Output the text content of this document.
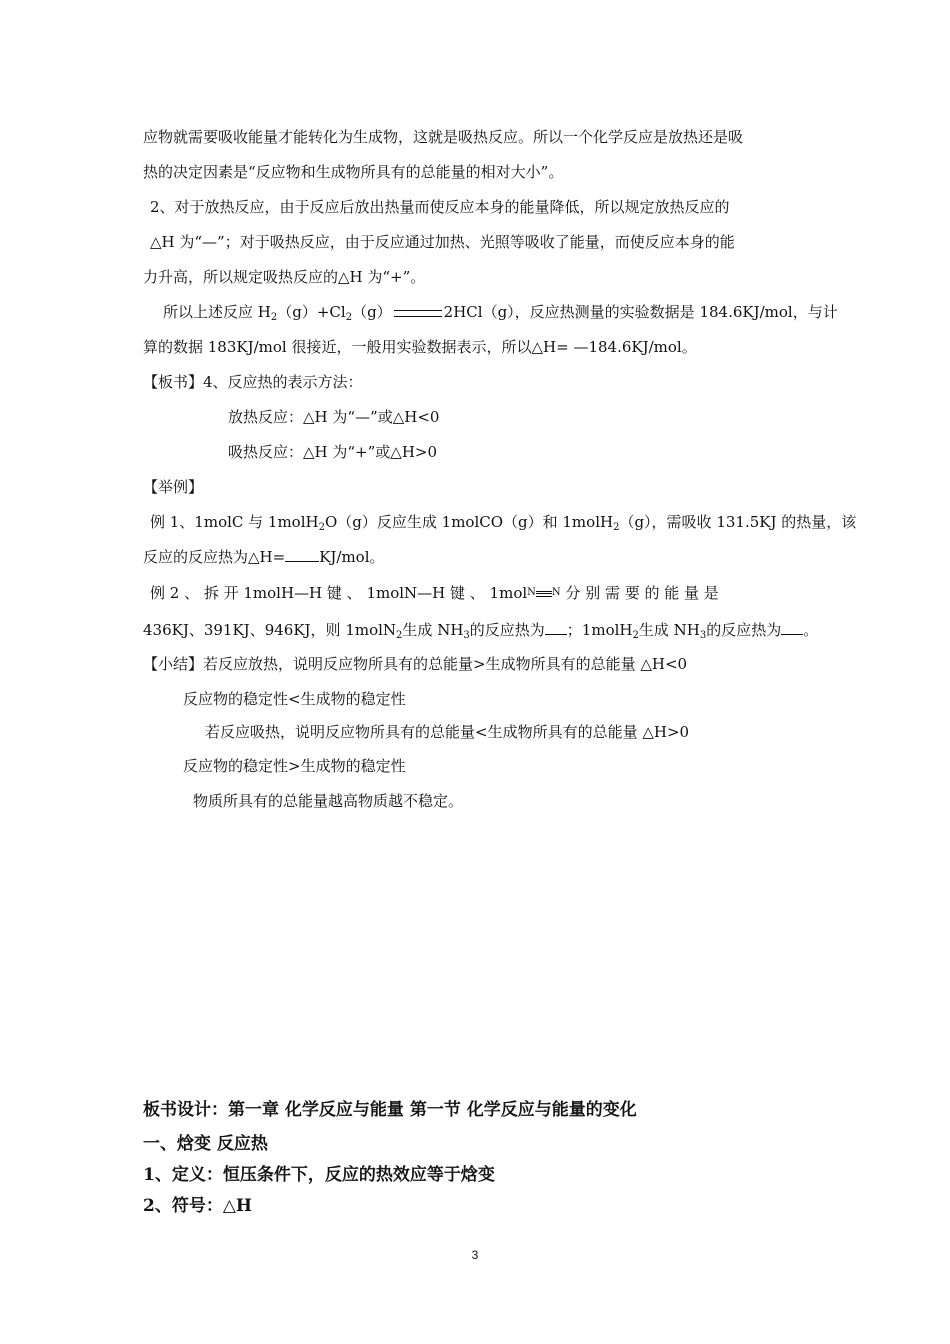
应物就需要吸收能量才能转化为生成物，这就是吸热反应。所以一个化学反应是放热还是吸
热的决定因素是“反应物和生成物所具有的总能量的相对大小”。
2、对于放热反应，由于反应后放出热量而使反应本身的能量降低，所以规定放热反应的
△H 为“—”；对于吸热反应，由于反应通过加热、光照等吸收了能量，而使反应本身的能
力升高，所以规定吸热反应的△H 为“+”。
所以上述反应 $H_2(g)+Cl_2(g)$	2HCl（g），反应热测量的实验数据是 184.6KJ/mol，与计
算的数据 183KJ/mol 很接近，一般用实验数据表示，所以△H= —184.6KJ/mol。
【板书】4、反应热的表示方法：
放热反应：△H 为“—”或△H<0
吸热反应：△H 为“+”或△H>0
【举例】
例 1、1molC 与 1molH$_2$O（g）反应生成 1molCO（g）和 1molH$_2$（g），需吸收 131.5KJ 的热量，该
反应的反应热为△H= KJ/mol。
例 2 、 拆 开 1molH—H 键 、 1molN—H 键 、 1mol$^N$ $^N$ 分 别 需 要 的 能 量 是
436KJ、391KJ、946KJ，则 1molN$_2$生成 $NH_3$的反应热为 ；1molH$_2$生成 $NH_3$的反应热为 。
【小结】若反应放热，说明反应物所具有的总能量>生成物所具有的总能量 △H<0
反应物的稳定性<生成物的稳定性
若反应吸热，说明反应物所具有的总能量<生成物所具有的总能量 △H>0
反应物的稳定性>生成物的稳定性
物质所具有的总能量越高物质越不稳定。
板书设计：第一章 化学反应与能量 第一节 化学反应与能量的变化
一、焓变 反应热
1、定义：恒压条件下，反应的热效应等于焓变
2、符号：△H
3
